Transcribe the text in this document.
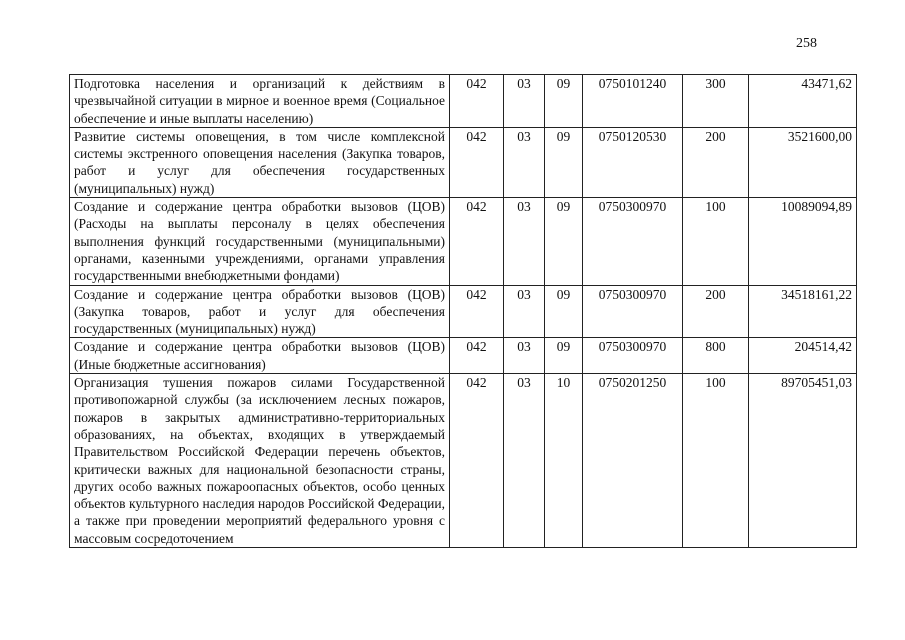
258
Подготовка населения и организаций к действиям в чрезвычайной ситуации в мирное и военное время (Социальное обеспечение и иные выплаты населению)	042	03	09	0750101240	300	43471,62
Развитие системы оповещения, в том числе комплексной системы экстренного оповещения населения (Закупка товаров, работ и услуг для обеспечения государственных (муниципальных) нужд)	042	03	09	0750120530	200	3521600,00
Создание и содержание центра обработки вызовов (ЦОВ) (Расходы на выплаты персоналу в целях обеспечения выполнения функций государственными (муниципальными) органами, казенными учреждениями, органами управления государственными внебюджетными фондами)	042	03	09	0750300970	100	10089094,89
Создание и содержание центра обработки вызовов (ЦОВ) (Закупка товаров, работ и услуг для обеспечения государственных (муниципальных) нужд)	042	03	09	0750300970	200	34518161,22
Создание и содержание центра обработки вызовов (ЦОВ) (Иные бюджетные ассигнования)	042	03	09	0750300970	800	204514,42
Организация тушения пожаров силами Государственной противопожарной службы (за исключением лесных пожаров, пожаров в закрытых административно-территориальных образованиях, на объектах, входящих в утверждаемый Правительством Российской Федерации перечень объектов, критически важных для национальной безопасности страны, других особо важных пожароопасных объектов, особо ценных объектов культурного наследия народов Российской Федерации, а также при проведении мероприятий федерального уровня с массовым сосредоточением	042	03	10	0750201250	100	89705451,03
